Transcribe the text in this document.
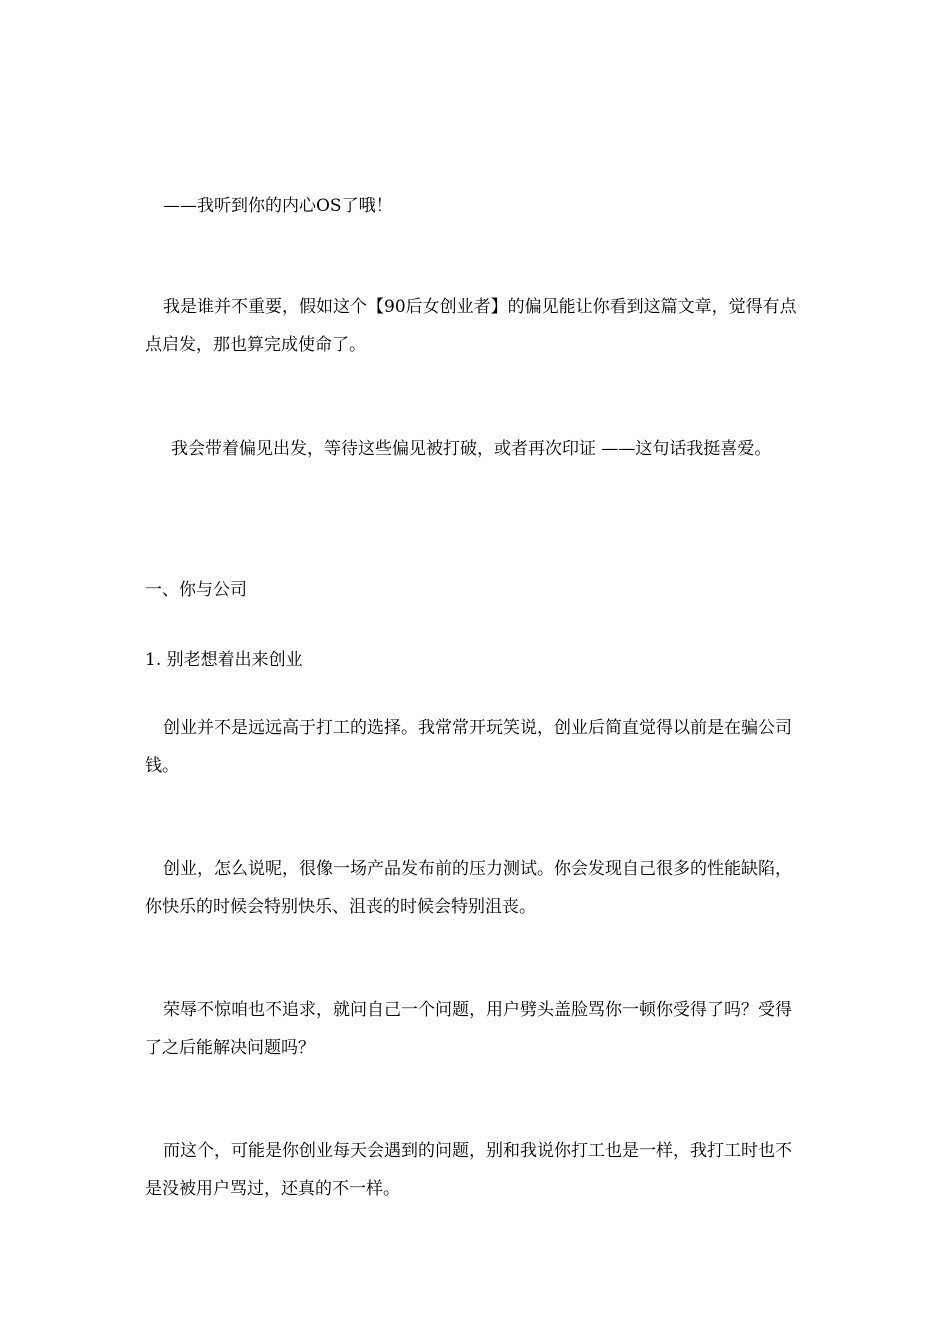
——我听到你的内心OS了哦！

我是谁并不重要，假如这个【90后女创业者】的偏见能让你看到这篇文章，觉得有点点启发，那也算完成使命了。

我会带着偏见出发，等待这些偏见被打破，或者再次印证 ——这句话我挺喜爱。

一、你与公司

1. 别老想着出来创业

创业并不是远远高于打工的选择。我常常开玩笑说，创业后简直觉得以前是在骗公司钱。

创业，怎么说呢，很像一场产品发布前的压力测试。你会发现自己很多的性能缺陷，你快乐的时候会特别快乐、沮丧的时候会特别沮丧。

荣辱不惊咱也不追求，就问自己一个问题，用户劈头盖脸骂你一顿你受得了吗？受得了之后能解决问题吗？

而这个，可能是你创业每天会遇到的问题，别和我说你打工也是一样，我打工时也不是没被用户骂过，还真的不一样。
